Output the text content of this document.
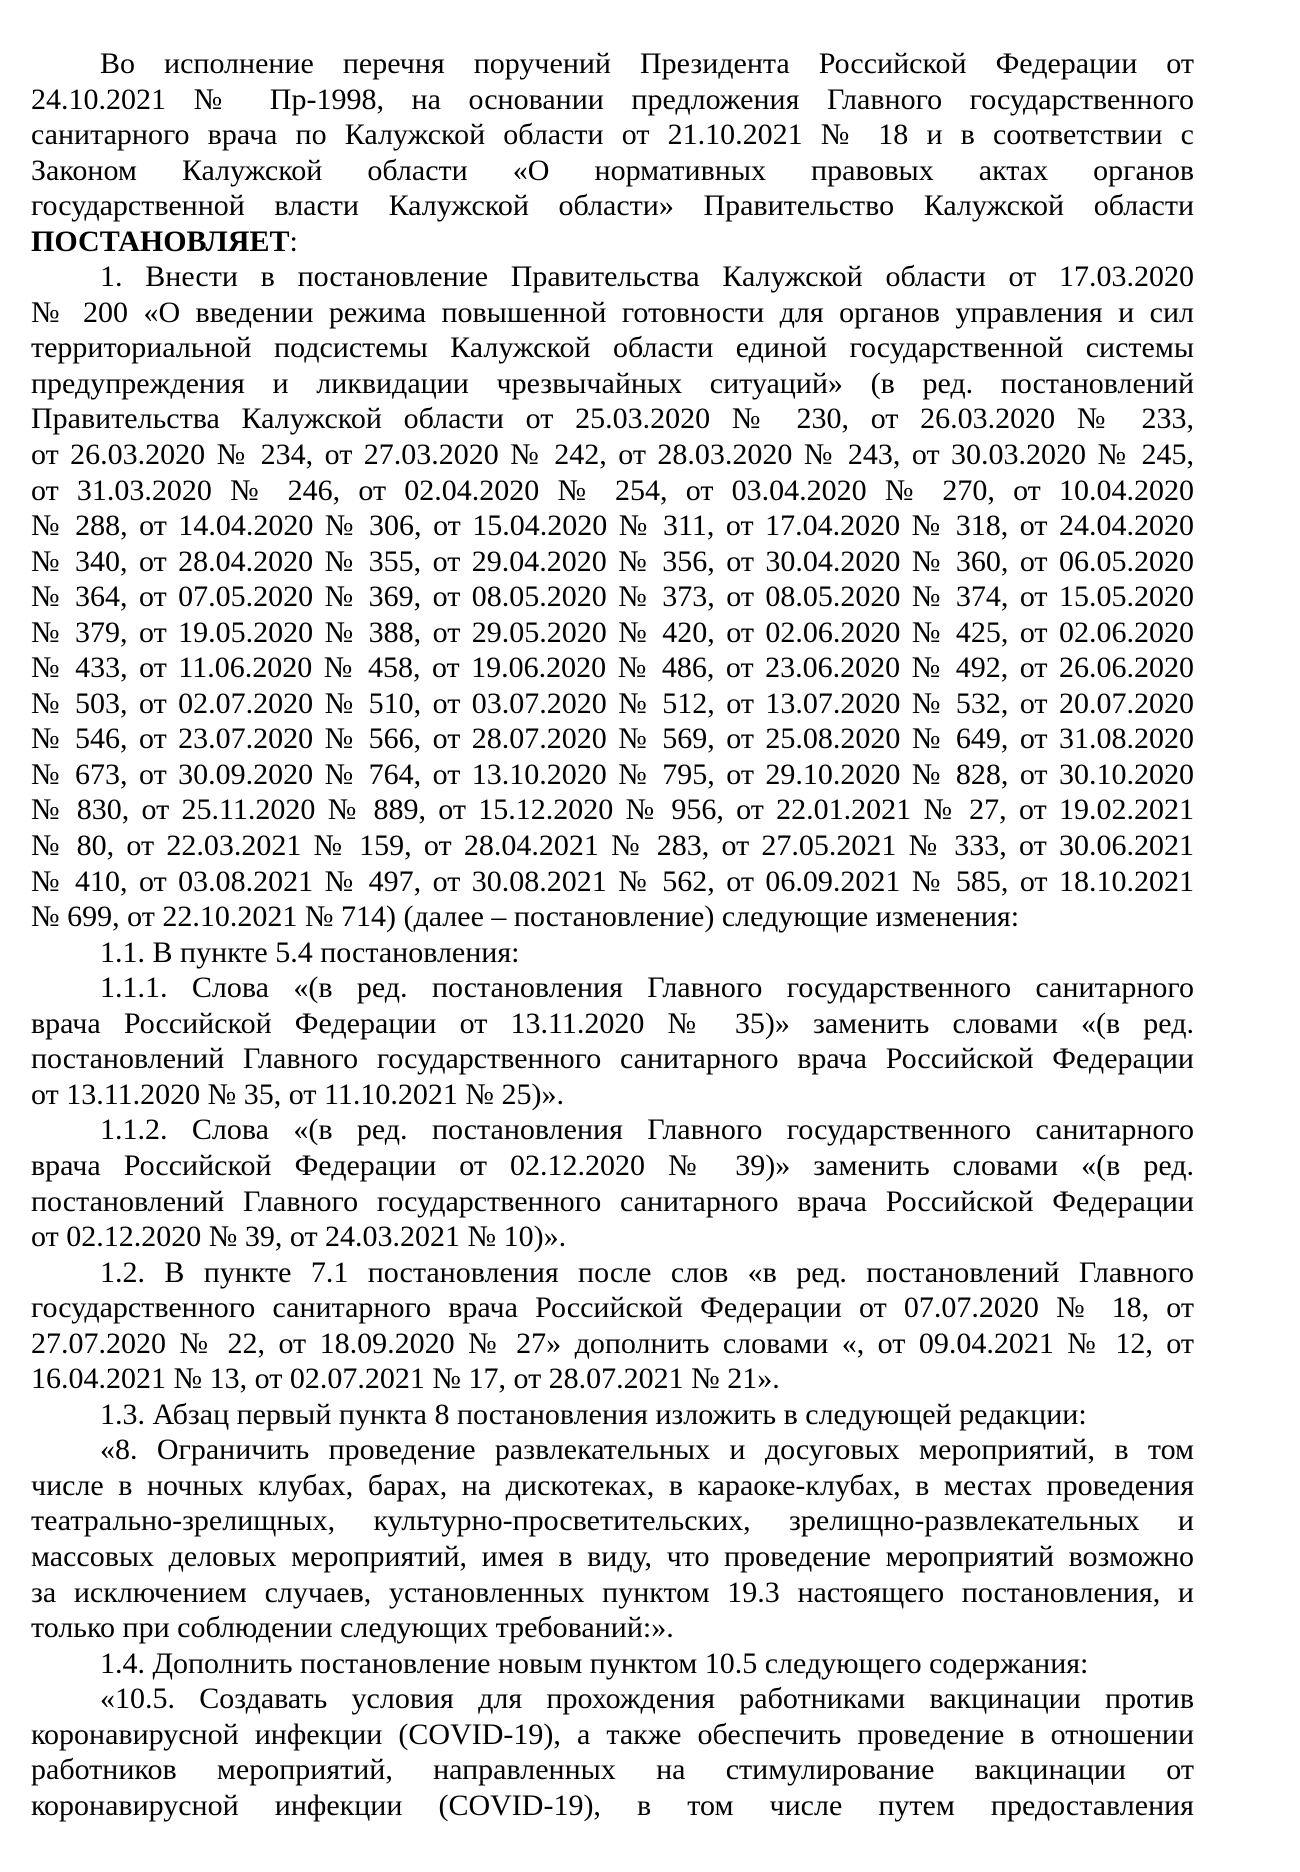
Во исполнение перечня поручений Президента Российской Федерации от
24.10.2021 № Пр-1998, на основании предложения Главного государственного
санитарного врача по Калужской области от 21.10.2021 № 18 и в соответствии с
Законом Калужской области «О нормативных правовых актах органов
государственной власти Калужской области» Правительство Калужской области
ПОСТАНОВЛЯЕТ:
1. Внести в постановление Правительства Калужской области от 17.03.2020
№ 200 «О введении режима повышенной готовности для органов управления и сил
территориальной подсистемы Калужской области единой государственной системы
предупреждения и ликвидации чрезвычайных ситуаций» (в ред. постановлений
Правительства Калужской области от 25.03.2020 № 230, от 26.03.2020 № 233,
от 26.03.2020 № 234, от 27.03.2020 № 242, от 28.03.2020 № 243, от 30.03.2020 № 245,
от 31.03.2020 № 246, от 02.04.2020 № 254, от 03.04.2020 № 270, от 10.04.2020
№ 288, от 14.04.2020 № 306, от 15.04.2020 № 311, от 17.04.2020 № 318, от 24.04.2020
№ 340, от 28.04.2020 № 355, от 29.04.2020 № 356, от 30.04.2020 № 360, от 06.05.2020
№ 364, от 07.05.2020 № 369, от 08.05.2020 № 373, от 08.05.2020 № 374, от 15.05.2020
№ 379, от 19.05.2020 № 388, от 29.05.2020 № 420, от 02.06.2020 № 425, от 02.06.2020
№ 433, от 11.06.2020 № 458, от 19.06.2020 № 486, от 23.06.2020 № 492, от 26.06.2020
№ 503, от 02.07.2020 № 510, от 03.07.2020 № 512, от 13.07.2020 № 532, от 20.07.2020
№ 546, от 23.07.2020 № 566, от 28.07.2020 № 569, от 25.08.2020 № 649, от 31.08.2020
№ 673, от 30.09.2020 № 764, от 13.10.2020 № 795, от 29.10.2020 № 828, от 30.10.2020
№ 830, от 25.11.2020 № 889, от 15.12.2020 № 956, от 22.01.2021 № 27, от 19.02.2021
№ 80, от 22.03.2021 № 159, от 28.04.2021 № 283, от 27.05.2021 № 333, от 30.06.2021
№ 410, от 03.08.2021 № 497, от 30.08.2021 № 562, от 06.09.2021 № 585, от 18.10.2021
№ 699, от 22.10.2021 № 714) (далее – постановление) следующие изменения:
1.1. В пункте 5.4 постановления:
1.1.1. Слова «(в ред. постановления Главного государственного санитарного
врача Российской Федерации от 13.11.2020 № 35)» заменить словами «(в ред.
постановлений Главного государственного санитарного врача Российской Федерации
от 13.11.2020 № 35, от 11.10.2021 № 25)».
1.1.2. Слова «(в ред. постановления Главного государственного санитарного
врача Российской Федерации от 02.12.2020 № 39)» заменить словами «(в ред.
постановлений Главного государственного санитарного врача Российской Федерации
от 02.12.2020 № 39, от 24.03.2021 № 10)».
1.2. В пункте 7.1 постановления после слов «в ред. постановлений Главного
государственного санитарного врача Российской Федерации от 07.07.2020 № 18, от
27.07.2020 № 22, от 18.09.2020 № 27» дополнить словами «, от 09.04.2021 № 12, от
16.04.2021 № 13, от 02.07.2021 № 17, от 28.07.2021 № 21».
1.3. Абзац первый пункта 8 постановления изложить в следующей редакции:
«8. Ограничить проведение развлекательных и досуговых мероприятий, в том
числе в ночных клубах, барах, на дискотеках, в караоке-клубах, в местах проведения
театрально-зрелищных, культурно-просветительских, зрелищно-развлекательных и
массовых деловых мероприятий, имея в виду, что проведение мероприятий возможно
за исключением случаев, установленных пунктом 19.3 настоящего постановления, и
только при соблюдении следующих требований:».
1.4. Дополнить постановление новым пунктом 10.5 следующего содержания:
«10.5. Создавать условия для прохождения работниками вакцинации против
коронавирусной инфекции (COVID-19), а также обеспечить проведение в отношении
работников мероприятий, направленных на стимулирование вакцинации от
коронавирусной инфекции (COVID-19), в том числе путем предоставления
